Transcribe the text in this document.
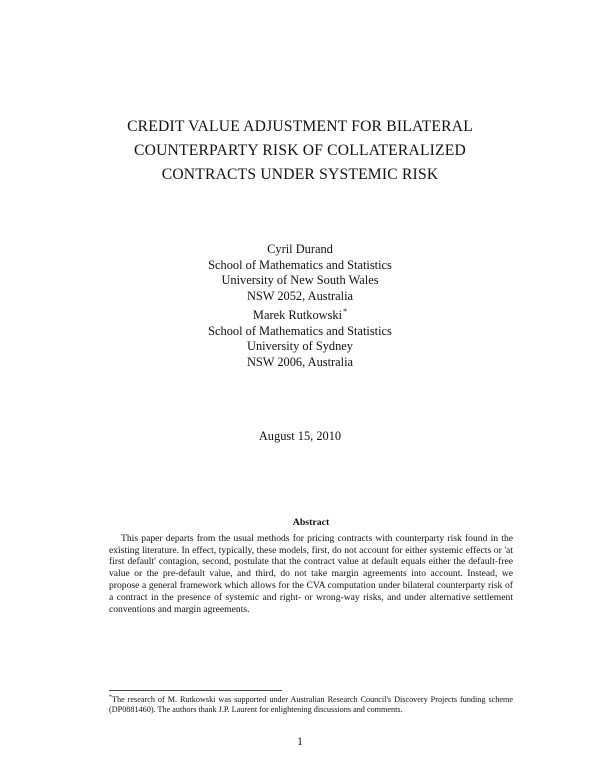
CREDIT VALUE ADJUSTMENT FOR BILATERAL
COUNTERPARTY RISK OF COLLATERALIZED
CONTRACTS UNDER SYSTEMIC RISK
Cyril Durand
School of Mathematics and Statistics
University of New South Wales
NSW 2052, Australia
Marek Rutkowski*
School of Mathematics and Statistics
University of Sydney
NSW 2006, Australia
August 15, 2010
Abstract
This paper departs from the usual methods for pricing contracts with counterparty risk found in the existing literature. In effect, typically, these models, first, do not account for either systemic effects or 'at first default' contagion, second, postulate that the contract value at default equals either the default-free value or the pre-default value, and third, do not take margin agreements into account. Instead, we propose a general framework which allows for the CVA computation under bilateral counterparty risk of a contract in the presence of systemic and right- or wrong-way risks, and under alternative settlement conventions and margin agreements.
*The research of M. Rutkowski was supported under Australian Research Council's Discovery Projects funding scheme (DP0881460). The authors thank J.P. Laurent for enlightening discussions and comments.
1
